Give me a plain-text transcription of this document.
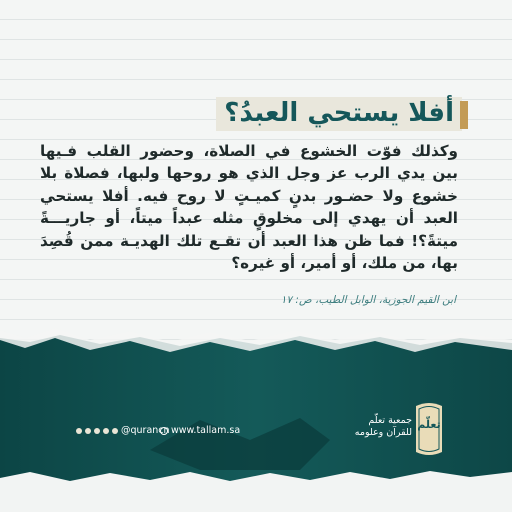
أفلا يستحي العبدُ؟
وكذلك فوّت الخشوع في الصلاة، وحضور القلب فـيها بين يدي الرب عز وجل الذي هو روحها ولبها، فصلاة بلا خشوع ولا حضـور بدنٍ كميـتٍ لا روح فيه. أفلا يستحي العبد أن يهدي إلى مخلوقٍ مثله عبداً ميتاً، أو جاريـــةً ميتةً؟! فما ظن هذا العبد أن تقـع تلك الهديـة ممن قُصِدَ بها، من ملك، أو أمير، أو غيره؟
ابن القيم الجوزية، الوابل الطيب، ص: ١٧
@qurancn www.tallam.sa
جمعية تعلّم
للقرآن وعلومه
تعلّم
